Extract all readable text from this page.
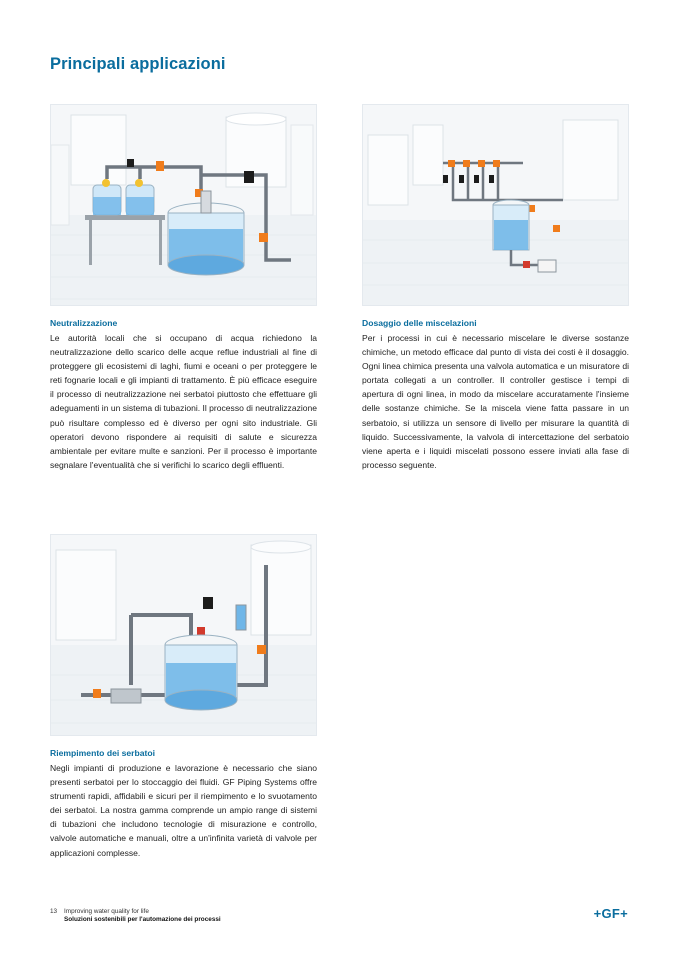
Principali applicazioni
Neutralizzazione

Le autorità locali che si occupano di acqua richiedono la neutralizzazione dello scarico delle acque reflue industriali al fine di proteggere gli ecosistemi di laghi, fiumi e oceani o per proteggere le reti fognarie locali e gli impianti di trattamento. È più efficace eseguire il processo di neutralizzazione nei serbatoi piuttosto che effettuare gli adeguamenti in un sistema di tubazioni. Il processo di neutralizzazione può risultare complesso ed è diverso per ogni sito industriale. Gli operatori devono rispondere ai requisiti di salute e sicurezza ambientale per evitare multe e sanzioni. Per il processo è importante segnalare l'eventualità che si verifichi lo scarico degli effluenti.

Dosaggio delle miscelazioni

Per i processi in cui è necessario miscelare le diverse sostanze chimiche, un metodo efficace dal punto di vista dei costi è il dosaggio. Ogni linea chimica presenta una valvola automatica e un misuratore di portata collegati a un controller. Il controller gestisce i tempi di apertura di ogni linea, in modo da miscelare accuratamente l'insieme delle sostanze chimiche. Se la miscela viene fatta passare in un serbatoio, si utilizza un sensore di livello per misurare la quantità di liquido. Successivamente, la valvola di intercettazione del serbatoio viene aperta e i liquidi miscelati possono essere inviati alla fase di processo seguente.

Riempimento dei serbatoi

Negli impianti di produzione e lavorazione è necessario che siano presenti serbatoi per lo stoccaggio dei fluidi. GF Piping Systems offre strumenti rapidi, affidabili e sicuri per il riempimento e lo svuotamento dei serbatoi. La nostra gamma comprende un ampio range di sistemi di tubazioni che includono tecnologie di misurazione e controllo, valvole automatiche e manuali, oltre a un'infinita varietà di valvole per applicazioni complesse.

13 Improving water quality for life
Soluzioni sostenibili per l'automazione dei processi	+GF+
